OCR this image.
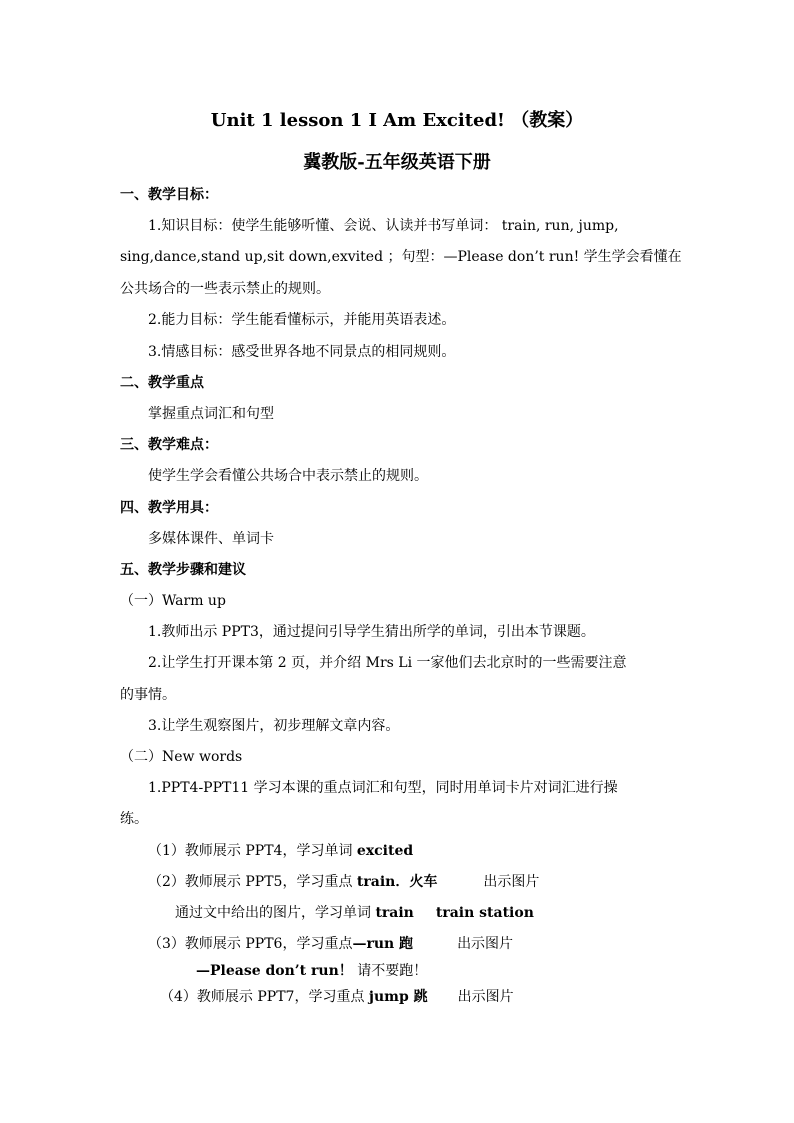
Unit 1 lesson 1 I Am Excited! （教案）
冀教版-五年级英语下册
一、教学目标：
1.知识目标：使学生能够听懂、会说、认读并书写单词： train, run, jump,
sing,dance,stand up,sit down,exvited ；句型：—Please don’t run! 学生学会看懂在
公共场合的一些表示禁止的规则。
2.能力目标：学生能看懂标示，并能用英语表述。
3.情感目标：感受世界各地不同景点的相同规则。
二、教学重点
掌握重点词汇和句型
三、教学难点：
使学生学会看懂公共场合中表示禁止的规则。
四、教学用具：
多媒体课件、单词卡
五、教学步骤和建议
（一）Warm up
1.教师出示 PPT3，通过提问引导学生猜出所学的单词，引出本节课题。
2.让学生打开课本第 2 页，并介绍 Mrs Li 一家他们去北京时的一些需要注意
的事情。
3.让学生观察图片，初步理解文章内容。
（二）New words
1.PPT4-PPT11 学习本课的重点词汇和句型，同时用单词卡片对词汇进行操
练。
（1）教师展示 PPT4，学习单词 excited
（2）教师展示 PPT5，学习重点 train．火车	出示图片
通过文中给出的图片，学习单词 train train station
（3）教师展示 PPT6，学习重点—run 跑	出示图片
—Please don’t run！ 请不要跑！
（4）教师展示 PPT7，学习重点 jump 跳 出示图片
